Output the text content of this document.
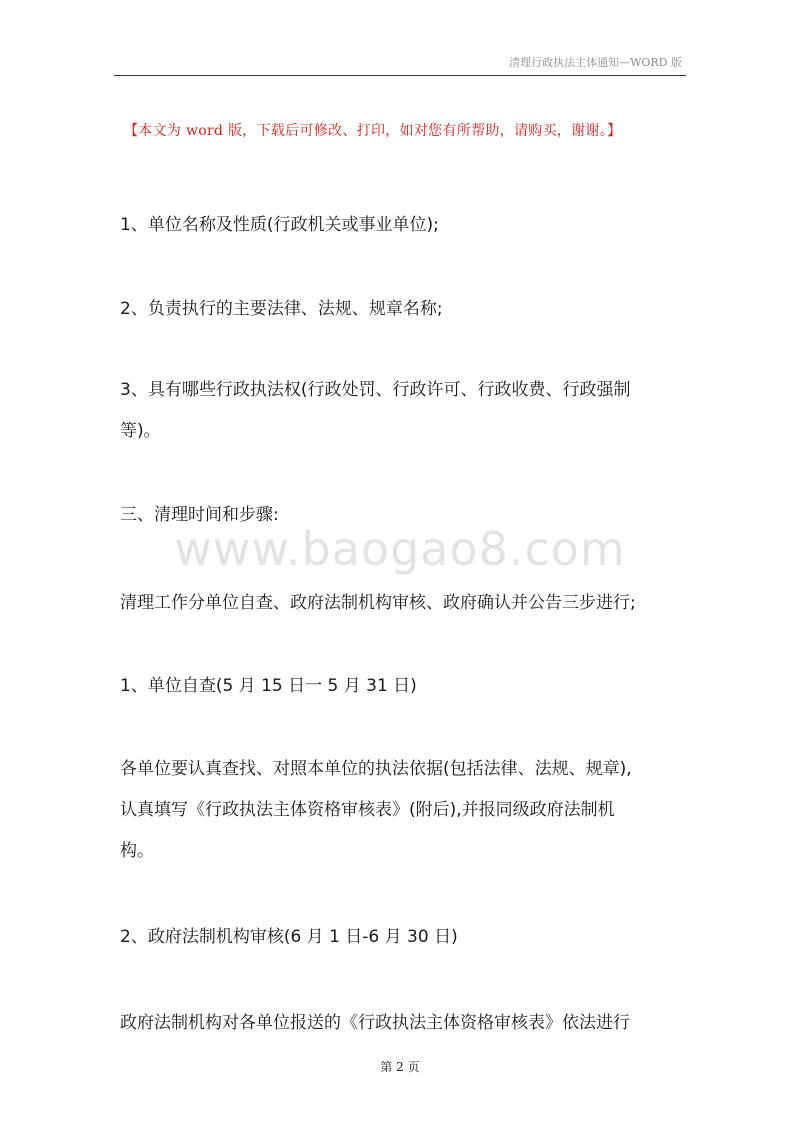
清理行政执法主体通知—WORD 版
【本文为 word 版，下载后可修改、打印，如对您有所帮助，请购买，谢谢。】
www.baogao8.com
1、单位名称及性质(行政机关或事业单位);
2、负责执行的主要法律、法规、规章名称;
3、具有哪些行政执法权(行政处罚、行政许可、行政收费、行政强制
等)。
三、清理时间和步骤:
清理工作分单位自查、政府法制机构审核、政府确认并公告三步进行;
1、单位自查(5 月 15 日一 5 月 31 日)
各单位要认真查找、对照本单位的执法依据(包括法律、法规、规章),
认真填写《行政执法主体资格审核表》(附后),并报同级政府法制机
构。
2、政府法制机构审核(6 月 1 日-6 月 30 日)
政府法制机构对各单位报送的《行政执法主体资格审核表》依法进行
第 2 页
